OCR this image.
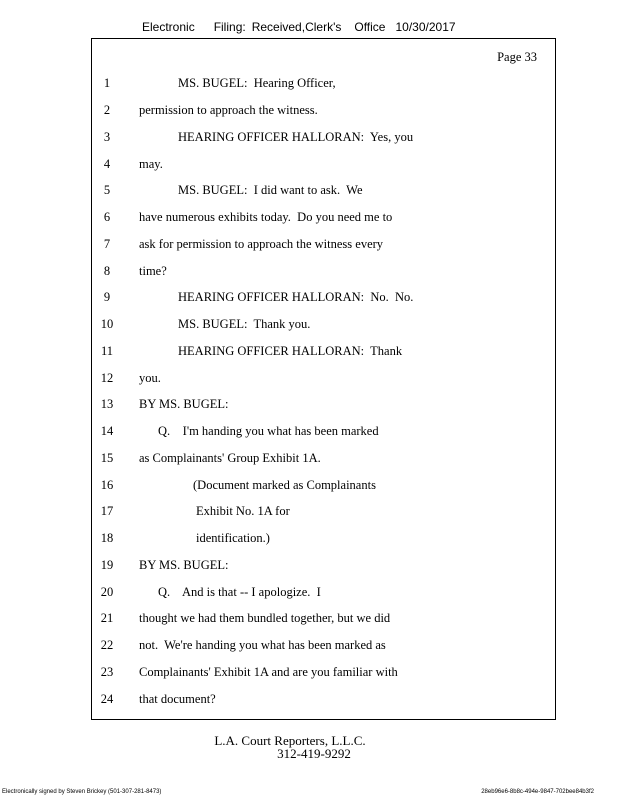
Electronic Filing: Received,Clerk's Office 10/30/2017
Page 33
1	MS. BUGEL:  Hearing Officer,
2	permission to approach the witness.
3	HEARING OFFICER HALLORAN:  Yes, you
4	may.
5	MS. BUGEL:  I did want to ask.  We
6	have numerous exhibits today.  Do you need me to
7	ask for permission to approach the witness every
8	time?
9	HEARING OFFICER HALLORAN:  No.  No.
10	MS. BUGEL:  Thank you.
11	HEARING OFFICER HALLORAN:  Thank
12	you.
13	BY MS. BUGEL:
14	Q.    I'm handing you what has been marked
15	as Complainants' Group Exhibit 1A.
16	(Document marked as Complainants
17	Exhibit No. 1A for
18	identification.)
19	BY MS. BUGEL:
20	Q.    And is that -- I apologize.  I
21	thought we had them bundled together, but we did
22	not.  We're handing you what has been marked as
23	Complainants' Exhibit 1A and are you familiar with
24	that document?
L.A. Court Reporters, L.L.C.
312-419-9292
Electronically signed by Steven Brickey (501-307-281-8473)	28eb96e6-8b8c-494e-9847-702bee84b3f2
